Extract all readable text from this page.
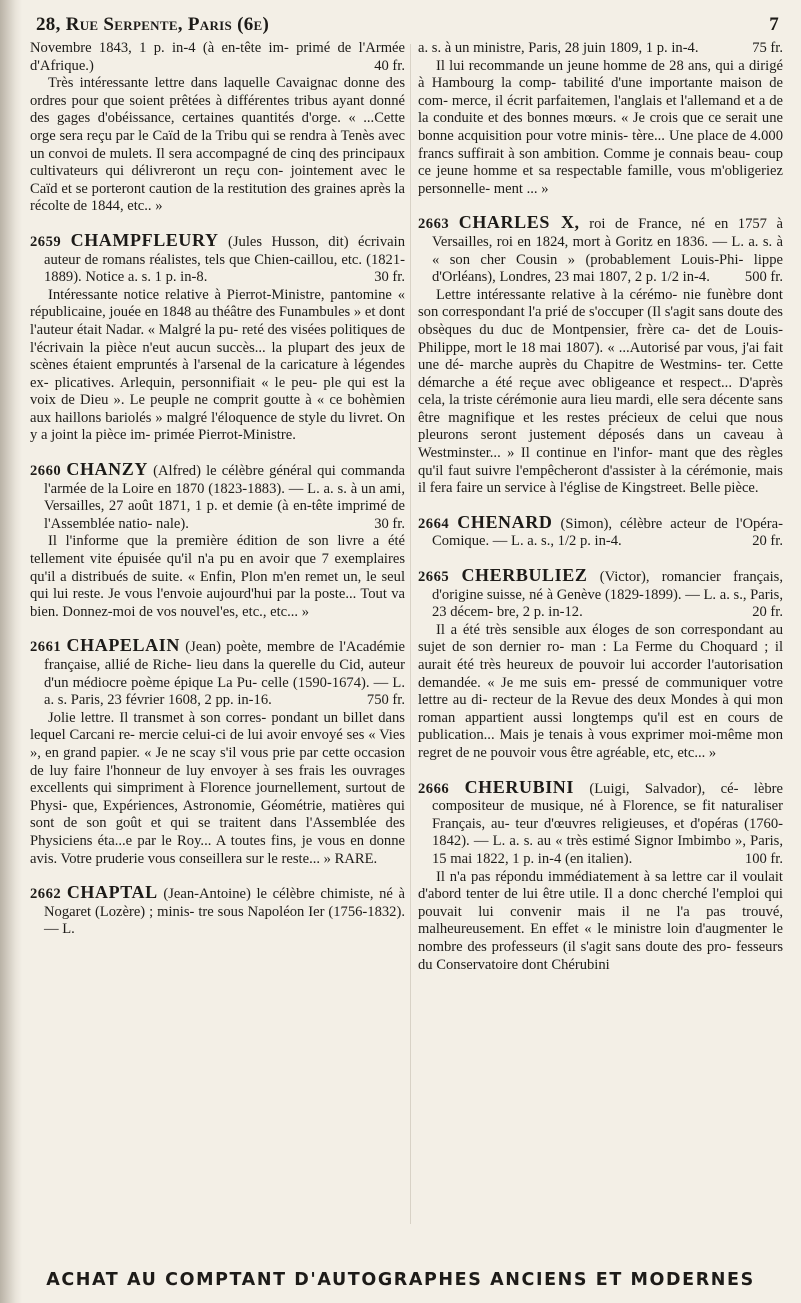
28, Rue Serpente, Paris (6e)	7

Novembre 1843, 1 p. in-4 (à en-tête im- primé de l'Armée d'Afrique.)	40 fr.

Très intéressante lettre dans laquelle Cavaignac donne des ordres pour que soient prêtées à différentes tribus ayant donné des gages d'obéissance, certaines quantités d'orge. « ...Cette orge sera reçu par le Caïd de la Tribu qui se rendra à Tenès avec un convoi de mulets. Il sera accompagné de cinq des principaux cultivateurs qui délivreront un reçu con- jointement avec le Caïd et se porteront caution de la restitution des graines après la récolte de 1844, etc.. »

2659 CHAMPFLEURY (Jules Husson, dit) écrivain auteur de romans réalistes, tels que Chien-caillou, etc. (1821-1889). Notice a. s. 1 p. in-8.	30 fr.

Intéressante notice relative à Pierrot-Ministre, pantomine « républicaine, jouée en 1848 au théâtre des Funambules » et dont l'auteur était Nadar. « Malgré la pu- reté des visées politiques de l'écrivain la pièce n'eut aucun succès... la plupart des jeux de scènes étaient empruntés à l'arsenal de la caricature à légendes ex- plicatives. Arlequin, personnifiait « le peu- ple qui est la voix de Dieu ». Le peuple ne comprit goutte à « ce bohèmien aux haillons bariolés » malgré l'éloquence de style du livret. On y a joint la pièce im- primée Pierrot-Ministre.

2660 CHANZY (Alfred) le célèbre général qui commanda l'armée de la Loire en 1870 (1823-1883). — L. a. s. à un ami, Versailles, 27 août 1871, 1 p. et demie (à en-tête imprimé de l'Assemblée natio- nale).	30 fr.

Il l'informe que la première édition de son livre a été tellement vite épuisée qu'il n'a pu en avoir que 7 exemplaires qu'il a distribués de suite. « Enfin, Plon m'en remet un, le seul qui lui reste. Je vous l'envoie aujourd'hui par la poste... Tout va bien. Donnez-moi de vos nouvel'es, etc., etc... »

2661 CHAPELAIN (Jean) poète, membre de l'Académie française, allié de Riche- lieu dans la querelle du Cid, auteur d'un médiocre poème épique La Pu- celle (1590-1674). — L. a. s. Paris, 23 février 1608, 2 pp. in-16.	750 fr.

Jolie lettre. Il transmet à son corres- pondant un billet dans lequel Carcani re- mercie celui-ci de lui avoir envoyé ses « Vies », en grand papier. « Je ne scay s'il vous prie par cette occasion de luy faire l'honneur de luy envoyer à ses frais les ouvrages excellents qui simpriment à Florence journellement, surtout de Physi- que, Expériences, Astronomie, Géométrie, matières qui sont de son goût et qui se traitent dans l'Assemblée des Physiciens éta...e par le Roy... A toutes fins, je vous en donne avis. Votre pruderie vous conseillera sur le reste... » RARE.

2662 CHAPTAL (Jean-Antoine) le célèbre chimiste, né à Nogaret (Lozère) ; minis- tre sous Napoléon Ier (1756-1832). — L.

a. s. à un ministre, Paris, 28 juin 1809, 1 p. in-4.	75 fr.

Il lui recommande un jeune homme de 28 ans, qui a dirigé à Hambourg la comp- tabilité d'une importante maison de com- merce, il écrit parfaitemen, l'anglais et l'allemand et a de la conduite et des bonnes mœurs. « Je crois que ce serait une bonne acquisition pour votre minis- tère... Une place de 4.000 francs suffirait à son ambition. Comme je connais beau- coup ce jeune homme et sa respectable famille, vous m'obligeriez personnelle- ment ... »

2663 CHARLES X, roi de France, né en 1757 à Versailles, roi en 1824, mort à Goritz en 1836. — L. a. s. à « son cher Cousin » (probablement Louis-Phi- lippe d'Orléans), Londres, 23 mai 1807, 2 p. 1/2 in-4. 500 fr.

Lettre intéressante relative à la cérémo- nie funèbre dont son correspondant l'a prié de s'occuper (Il s'agit sans doute des obsèques du duc de Montpensier, frère ca- det de Louis-Philippe, mort le 18 mai 1807). « ...Autorisé par vous, j'ai fait une dé- marche auprès du Chapitre de Westmins- ter. Cette démarche a été reçue avec obligeance et respect... D'après cela, la triste cérémonie aura lieu mardi, elle sera décente sans être magnifique et les restes précieux de celui que nous pleurons seront justement déposés dans un caveau à Westminster... » Il continue en l'infor- mant que des règles qu'il faut suivre l'empêcheront d'assister à la cérémonie, mais il fera faire un service à l'église de Kingstreet. Belle pièce.

2664 CHENARD (Simon), célèbre acteur de l'Opéra-Comique. — L. a. s., 1/2 p. in-4.	20 fr.

2665 CHERBULIEZ (Victor), romancier français, d'origine suisse, né à Genève (1829-1899). — L. a. s., Paris, 23 décem- bre, 2 p. in-12.	20 fr.

Il a été très sensible aux éloges de son correspondant au sujet de son dernier ro- man : La Ferme du Choquard ; il aurait été très heureux de pouvoir lui accorder l'autorisation demandée. « Je me suis em- pressé de communiquer votre lettre au di- recteur de la Revue des deux Mondes à qui mon roman appartient aussi longtemps qu'il est en cours de publication... Mais je tenais à vous exprimer moi-même mon regret de ne pouvoir vous être agréable, etc, etc... »

2666 CHERUBINI (Luigi, Salvador), cé- lèbre compositeur de musique, né à Florence, se fit naturaliser Français, au- teur d'œuvres religieuses, et d'opéras (1760-1842). — L. a. s. au « très estimé Signor Imbimbo », Paris, 15 mai 1822, 1 p. in-4 (en italien).	100 fr.

Il n'a pas répondu immédiatement à sa lettre car il voulait d'abord tenter de lui être utile. Il a donc cherché l'emploi qui pouvait lui convenir mais il ne l'a pas trouvé, malheureusement. En effet « le ministre loin d'augmenter le nombre des professeurs (il s'agit sans doute des pro- fesseurs du Conservatoire dont Chérubini

ACHAT AU COMPTANT D'AUTOGRAPHES ANCIENS ET MODERNES
